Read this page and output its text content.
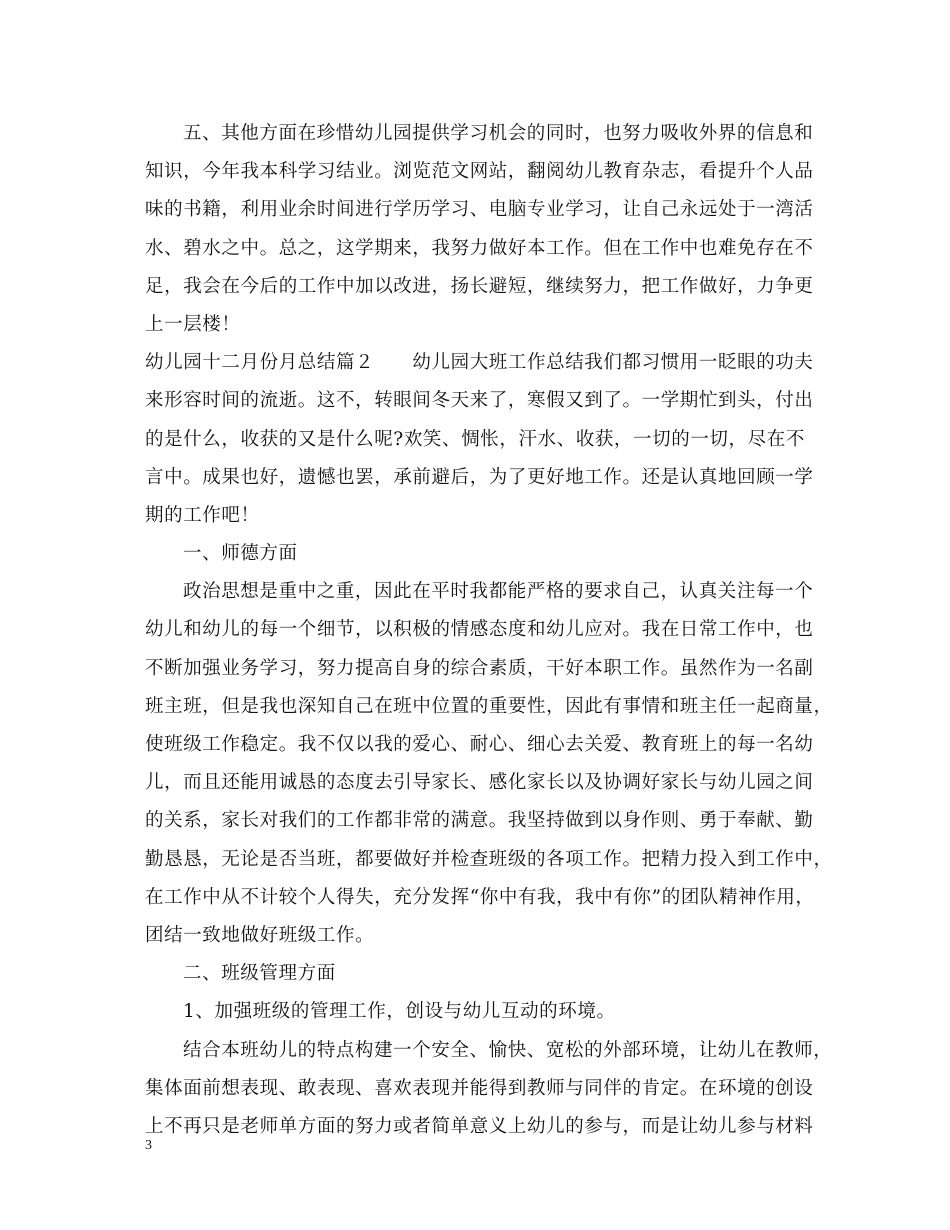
五、其他方面在珍惜幼儿园提供学习机会的同时，也努力吸收外界的信息和
知识，今年我本科学习结业。浏览范文网站，翻阅幼儿教育杂志，看提升个人品
味的书籍，利用业余时间进行学历学习、电脑专业学习，让自己永远处于一湾活
水、碧水之中。总之，这学期来，我努力做好本工作。但在工作中也难免存在不
足，我会在今后的工作中加以改进，扬长避短，继续努力，把工作做好，力争更
上一层楼！
幼儿园十二月份月总结篇２　　幼儿园大班工作总结我们都习惯用一眨眼的功夫
来形容时间的流逝。这不，转眼间冬天来了，寒假又到了。一学期忙到头，付出
的是什么，收获的又是什么呢?欢笑、惆怅，汗水、收获，一切的一切，尽在不
言中。成果也好，遗憾也罢，承前避后，为了更好地工作。还是认真地回顾一学
期的工作吧！
一、师德方面
政治思想是重中之重，因此在平时我都能严格的要求自己，认真关注每一个
幼儿和幼儿的每一个细节，以积极的情感态度和幼儿应对。我在日常工作中，也
不断加强业务学习，努力提高自身的综合素质，干好本职工作。虽然作为一名副
班主班，但是我也深知自己在班中位置的重要性，因此有事情和班主任一起商量，
使班级工作稳定。我不仅以我的爱心、耐心、细心去关爱、教育班上的每一名幼
儿，而且还能用诚恳的态度去引导家长、感化家长以及协调好家长与幼儿园之间
的关系，家长对我们的工作都非常的满意。我坚持做到以身作则、勇于奉献、勤
勤恳恳，无论是否当班，都要做好并检查班级的各项工作。把精力投入到工作中，
在工作中从不计较个人得失，充分发挥“你中有我，我中有你”的团队精神作用，
团结一致地做好班级工作。
二、班级管理方面
1、加强班级的管理工作，创设与幼儿互动的环境。
结合本班幼儿的特点构建一个安全、愉快、宽松的外部环境，让幼儿在教师，
集体面前想表现、敢表现、喜欢表现并能得到教师与同伴的肯定。在环境的创设
上不再只是老师单方面的努力或者简单意义上幼儿的参与，而是让幼儿参与材料
3
